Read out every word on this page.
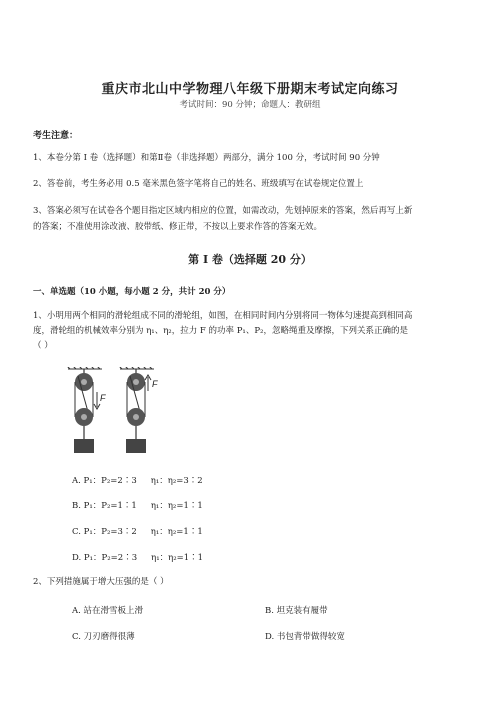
重庆市北山中学物理八年级下册期末考试定向练习
考试时间：90 分钟；命题人：教研组
考生注意：
1、本卷分第 I 卷（选择题）和第Ⅱ卷（非选择题）两部分，满分 100 分，考试时间 90 分钟
2、答卷前，考生务必用 0.5 毫米黑色签字笔将自己的姓名、班级填写在试卷规定位置上
3、答案必须写在试卷各个题目指定区域内相应的位置，如需改动，先划掉原来的答案，然后再写上新
的答案；不准使用涂改液、胶带纸、修正带，不按以上要求作答的答案无效。
第 I 卷（选择题 20 分）
一、单选题（10 小题，每小题 2 分，共计 20 分）
1、小明用两个相同的滑轮组成不同的滑轮组，如图，在相同时间内分别将同一物体匀速提高到相同高
度，滑轮组的机械效率分别为 η₁、η₂，拉力 F 的功率 P₁、P₂，忽略绳重及摩擦，下列关系正确的是
（ ）
F
F
A. P₁：P₂=2∶3 η₁：η₂=3∶2
B. P₁：P₂=1∶1 η₁：η₂=1∶1
C. P₁：P₂=3∶2 η₁：η₂=1∶1
D. P₁：P₂=2∶3 η₁：η₂=1∶1
2、下列措施属于增大压强的是（ ）
A. 站在滑雪板上滑	B. 坦克装有履带
C. 刀刃磨得很薄	D. 书包背带做得较宽
